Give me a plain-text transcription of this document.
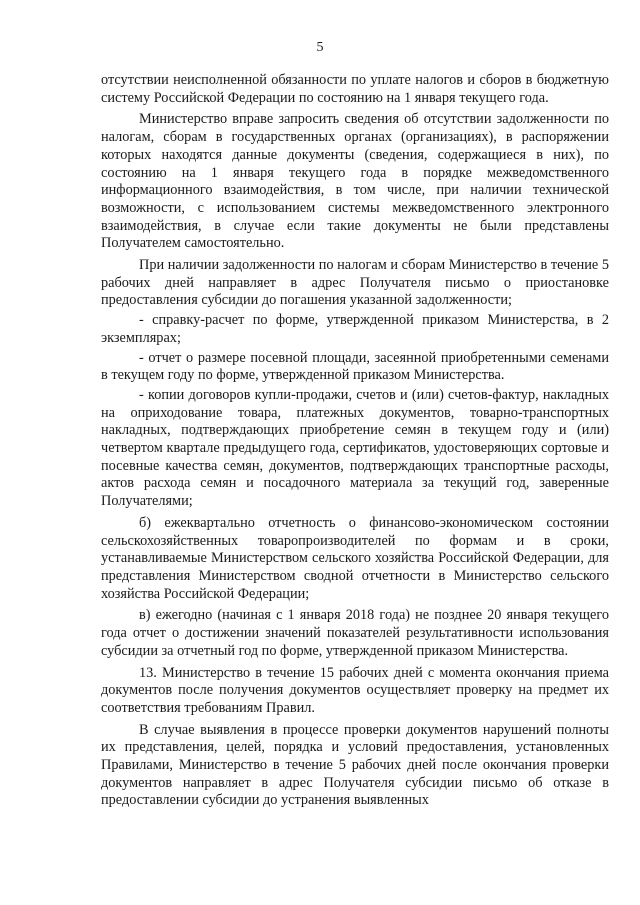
5

отсутствии неисполненной обязанности по уплате налогов и сборов в бюджетную систему Российской Федерации по состоянию на 1 января текущего года.

Министерство вправе запросить сведения об отсутствии задолженности по налогам, сборам в государственных органах (организациях), в распоряжении которых находятся данные документы (сведения, содержащиеся в них), по состоянию на 1 января текущего года в порядке межведомственного информационного взаимодействия, в том числе, при наличии технической возможности, с использованием системы межведомственного электронного взаимодействия, в случае если такие документы не были представлены Получателем самостоятельно.

При наличии задолженности по налогам и сборам Министерство в течение 5 рабочих дней направляет в адрес Получателя письмо о приостановке предоставления субсидии до погашения указанной задолженности;

- справку-расчет по форме, утвержденной приказом Министерства, в 2 экземплярах;

- отчет о размере посевной площади, засеянной приобретенными семенами в текущем году по форме, утвержденной приказом Министерства.

- копии договоров купли-продажи, счетов и (или) счетов-фактур, накладных на оприходование товара, платежных документов, товарно-транспортных накладных, подтверждающих приобретение семян в текущем году и (или) четвертом квартале предыдущего года, сертификатов, удостоверяющих сортовые и посевные качества семян, документов, подтверждающих транспортные расходы, актов расхода семян и посадочного материала за текущий год, заверенные Получателями;

б) ежеквартально отчетность о финансово-экономическом состоянии сельскохозяйственных товаропроизводителей по формам и в сроки, устанавливаемые Министерством сельского хозяйства Российской Федерации, для представления Министерством сводной отчетности в Министерство сельского хозяйства Российской Федерации;

в) ежегодно (начиная с 1 января 2018 года) не позднее 20 января текущего года отчет о достижении значений показателей результативности использования субсидии за отчетный год по форме, утвержденной приказом Министерства.

13. Министерство в течение 15 рабочих дней с момента окончания приема документов после получения документов осуществляет проверку на предмет их соответствия требованиям Правил.

В случае выявления в процессе проверки документов нарушений полноты их представления, целей, порядка и условий предоставления, установленных Правилами, Министерство в течение 5 рабочих дней после окончания проверки документов направляет в адрес Получателя субсидии письмо об отказе в предоставлении субсидии до устранения выявленных
